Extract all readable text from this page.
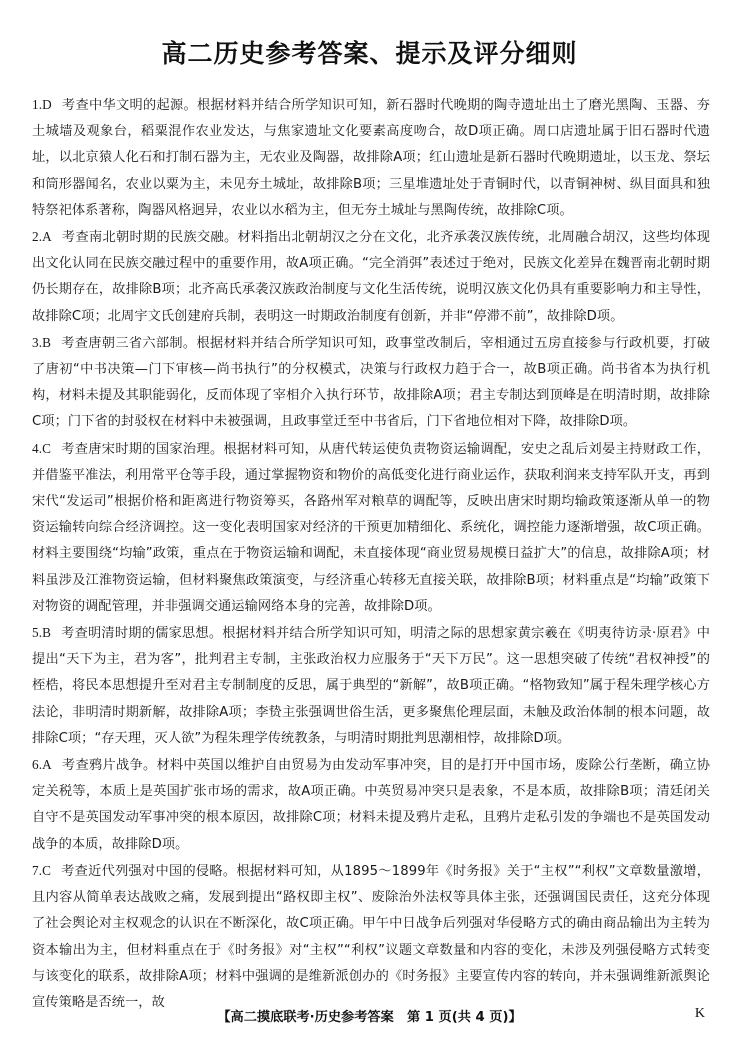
高二历史参考答案、提示及评分细则

1.D 考查中华文明的起源。根据材料并结合所学知识可知，新石器时代晚期的陶寺遗址出土了磨光黑陶、玉器、夯土城墙及观象台，稻粟混作农业发达，与焦家遗址文化要素高度吻合，故D项正确。周口店遗址属于旧石器时代遗址，以北京猿人化石和打制石器为主，无农业及陶器，故排除A项；红山遗址是新石器时代晚期遗址，以玉龙、祭坛和筒形器闻名，农业以粟为主，未见夯土城址，故排除B项；三星堆遗址处于青铜时代，以青铜神树、纵目面具和独特祭祀体系著称，陶器风格迥异，农业以水稻为主，但无夯土城址与黑陶传统，故排除C项。

2.A 考查南北朝时期的民族交融。材料指出北朝胡汉之分在文化，北齐承袭汉族传统，北周融合胡汉，这些均体现出文化认同在民族交融过程中的重要作用，故A项正确。“完全消弭”表述过于绝对，民族文化差异在魏晋南北朝时期仍长期存在，故排除B项；北齐高氏承袭汉族政治制度与文化生活传统，说明汉族文化仍具有重要影响力和主导性，故排除C项；北周宇文氏创建府兵制，表明这一时期政治制度有创新，并非“停滞不前”，故排除D项。

3.B 考查唐朝三省六部制。根据材料并结合所学知识可知，政事堂改制后，宰相通过五房直接参与行政机要，打破了唐初“中书决策—门下审核—尚书执行”的分权模式，决策与行政权力趋于合一，故B项正确。尚书省本为执行机构，材料未提及其职能弱化，反而体现了宰相介入执行环节，故排除A项；君主专制达到顶峰是在明清时期，故排除C项；门下省的封驳权在材料中未被强调，且政事堂迁至中书省后，门下省地位相对下降，故排除D项。

4.C 考查唐宋时期的国家治理。根据材料可知，从唐代转运使负责物资运输调配，安史之乱后刘晏主持财政工作，并借鉴平准法，利用常平仓等手段，通过掌握物资和物价的高低变化进行商业运作，获取利润来支持军队开支，再到宋代“发运司”根据价格和距离进行物资筹买，各路州军对粮草的调配等，反映出唐宋时期均输政策逐渐从单一的物资运输转向综合经济调控。这一变化表明国家对经济的干预更加精细化、系统化，调控能力逐渐增强，故C项正确。材料主要围绕“均输”政策，重点在于物资运输和调配，未直接体现“商业贸易规模日益扩大”的信息，故排除A项；材料虽涉及江淮物资运输，但材料聚焦政策演变，与经济重心转移无直接关联，故排除B项；材料重点是“均输”政策下对物资的调配管理，并非强调交通运输网络本身的完善，故排除D项。

5.B 考查明清时期的儒家思想。根据材料并结合所学知识可知，明清之际的思想家黄宗羲在《明夷待访录·原君》中提出“天下为主，君为客”，批判君主专制，主张政治权力应服务于“天下万民”。这一思想突破了传统“君权神授”的桎梏，将民本思想提升至对君主专制制度的反思，属于典型的“新解”，故B项正确。“格物致知”属于程朱理学核心方法论，非明清时期新解，故排除A项；李贽主张强调世俗生活，更多聚焦伦理层面，未触及政治体制的根本问题，故排除C项；“存天理，灭人欲”为程朱理学传统教条，与明清时期批判思潮相悖，故排除D项。

6.A 考查鸦片战争。材料中英国以维护自由贸易为由发动军事冲突，目的是打开中国市场，废除公行垄断，确立协定关税等，本质上是英国扩张市场的需求，故A项正确。中英贸易冲突只是表象，不是本质，故排除B项；清廷闭关自守不是英国发动军事冲突的根本原因，故排除C项；材料未提及鸦片走私，且鸦片走私引发的争端也不是英国发动战争的本质，故排除D项。

7.C 考查近代列强对中国的侵略。根据材料可知，从1895～1899年《时务报》关于“主权”“利权”文章数量激增，且内容从简单表达战败之痛，发展到提出“路权即主权”、废除治外法权等具体主张，还强调国民责任，这充分体现了社会舆论对主权观念的认识在不断深化，故C项正确。甲午中日战争后列强对华侵略方式的确由商品输出为主转为资本输出为主，但材料重点在于《时务报》对“主权”“利权”议题文章数量和内容的变化，未涉及列强侵略方式转变与该变化的联系，故排除A项；材料中强调的是维新派创办的《时务报》主要宣传内容的转向，并未强调维新派舆论宣传策略是否统一，故

【高二摸底联考·历史参考答案　第 1 页(共 4 页)】	K
